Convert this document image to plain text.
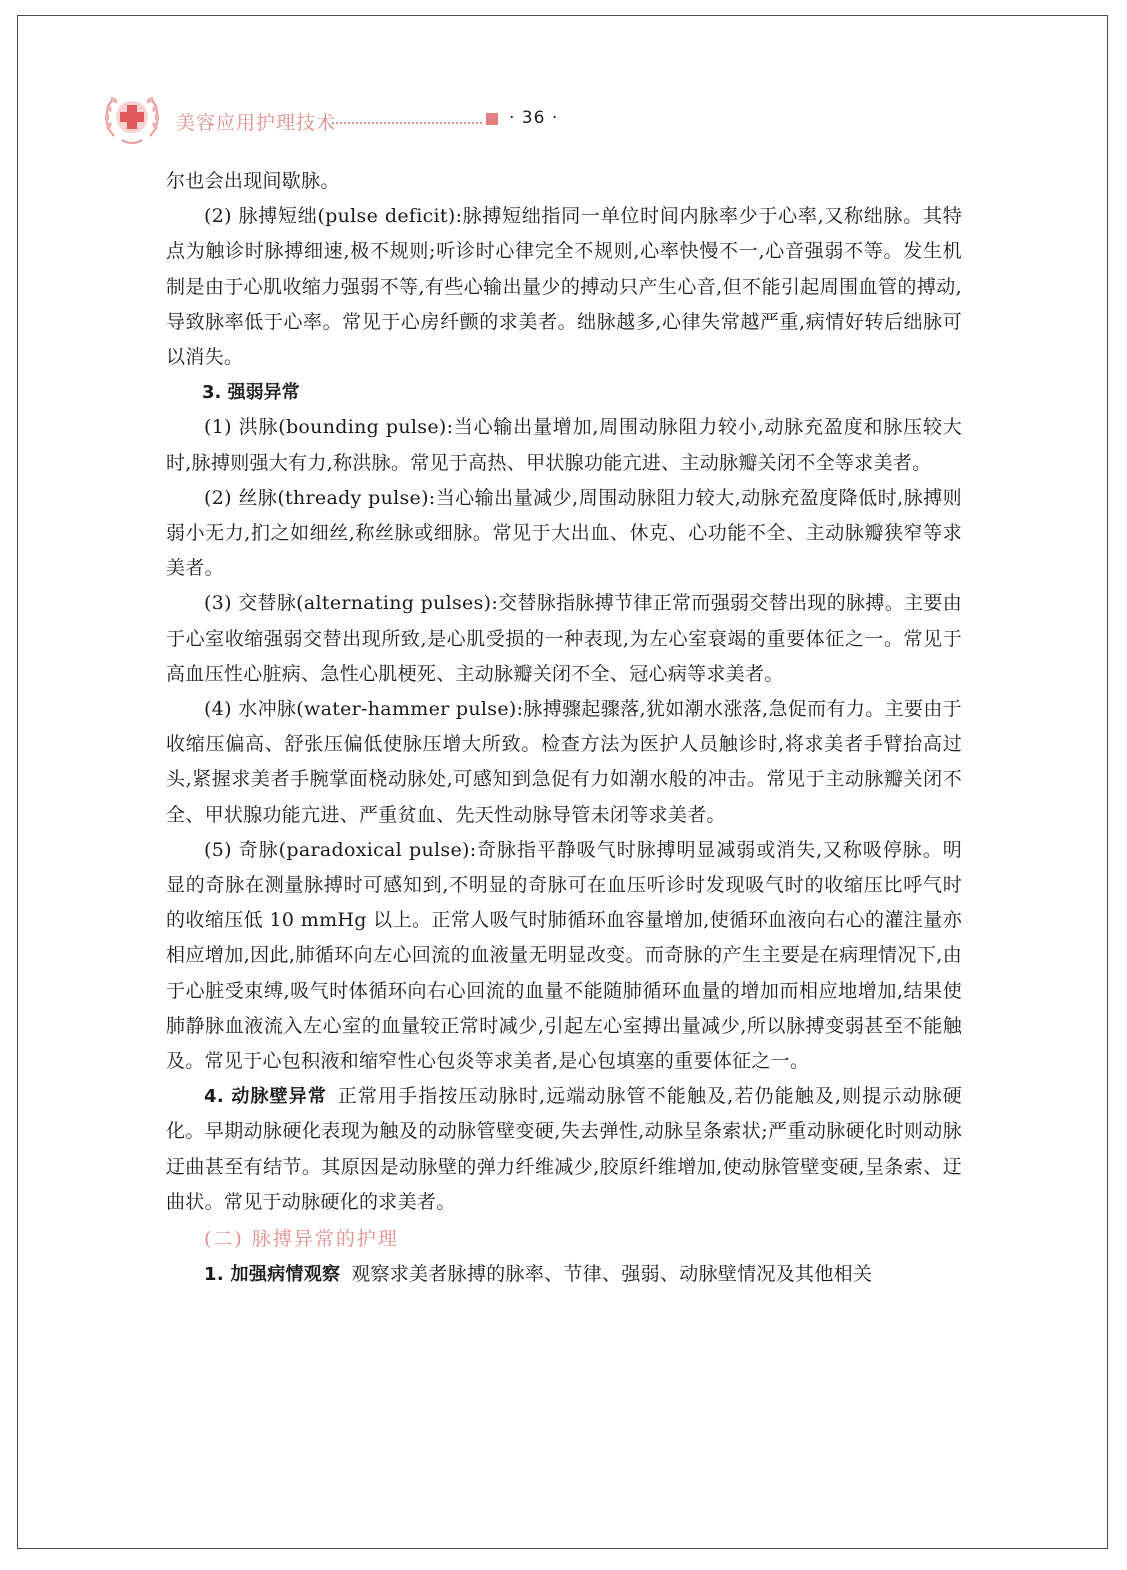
美容应用护理技术	· 36 ·

尔也会出现间歇脉。

(2) 脉搏短绌(pulse deficit):脉搏短绌指同一单位时间内脉率少于心率,又称绌脉。其特点为触诊时脉搏细速,极不规则;听诊时心律完全不规则,心率快慢不一,心音强弱不等。发生机制是由于心肌收缩力强弱不等,有些心输出量少的搏动只产生心音,但不能引起周围血管的搏动,导致脉率低于心率。常见于心房纤颤的求美者。绌脉越多,心律失常越严重,病情好转后绌脉可以消失。

3. 强弱异常

(1) 洪脉(bounding pulse):当心输出量增加,周围动脉阻力较小,动脉充盈度和脉压较大时,脉搏则强大有力,称洪脉。常见于高热、甲状腺功能亢进、主动脉瓣关闭不全等求美者。

(2) 丝脉(thready pulse):当心输出量减少,周围动脉阻力较大,动脉充盈度降低时,脉搏则弱小无力,扪之如细丝,称丝脉或细脉。常见于大出血、休克、心功能不全、主动脉瓣狭窄等求美者。

(3) 交替脉(alternating pulses):交替脉指脉搏节律正常而强弱交替出现的脉搏。主要由于心室收缩强弱交替出现所致,是心肌受损的一种表现,为左心室衰竭的重要体征之一。常见于高血压性心脏病、急性心肌梗死、主动脉瓣关闭不全、冠心病等求美者。

(4) 水冲脉(water-hammer pulse):脉搏骤起骤落,犹如潮水涨落,急促而有力。主要由于收缩压偏高、舒张压偏低使脉压增大所致。检查方法为医护人员触诊时,将求美者手臂抬高过头,紧握求美者手腕掌面桡动脉处,可感知到急促有力如潮水般的冲击。常见于主动脉瓣关闭不全、甲状腺功能亢进、严重贫血、先天性动脉导管未闭等求美者。

(5) 奇脉(paradoxical pulse):奇脉指平静吸气时脉搏明显减弱或消失,又称吸停脉。明显的奇脉在测量脉搏时可感知到,不明显的奇脉可在血压听诊时发现吸气时的收缩压比呼气时的收缩压低 10 mmHg 以上。正常人吸气时肺循环血容量增加,使循环血液向右心的灌注量亦相应增加,因此,肺循环向左心回流的血液量无明显改变。而奇脉的产生主要是在病理情况下,由于心脏受束缚,吸气时体循环向右心回流的血量不能随肺循环血量的增加而相应地增加,结果使肺静脉血液流入左心室的血量较正常时减少,引起左心室搏出量减少,所以脉搏变弱甚至不能触及。常见于心包积液和缩窄性心包炎等求美者,是心包填塞的重要体征之一。

4. 动脉壁异常 正常用手指按压动脉时,远端动脉管不能触及,若仍能触及,则提示动脉硬化。早期动脉硬化表现为触及的动脉管壁变硬,失去弹性,动脉呈条索状;严重动脉硬化时则动脉迂曲甚至有结节。其原因是动脉壁的弹力纤维减少,胶原纤维增加,使动脉管壁变硬,呈条索、迂曲状。常见于动脉硬化的求美者。

(二) 脉搏异常的护理

1. 加强病情观察 观察求美者脉搏的脉率、节律、强弱、动脉壁情况及其他相关
